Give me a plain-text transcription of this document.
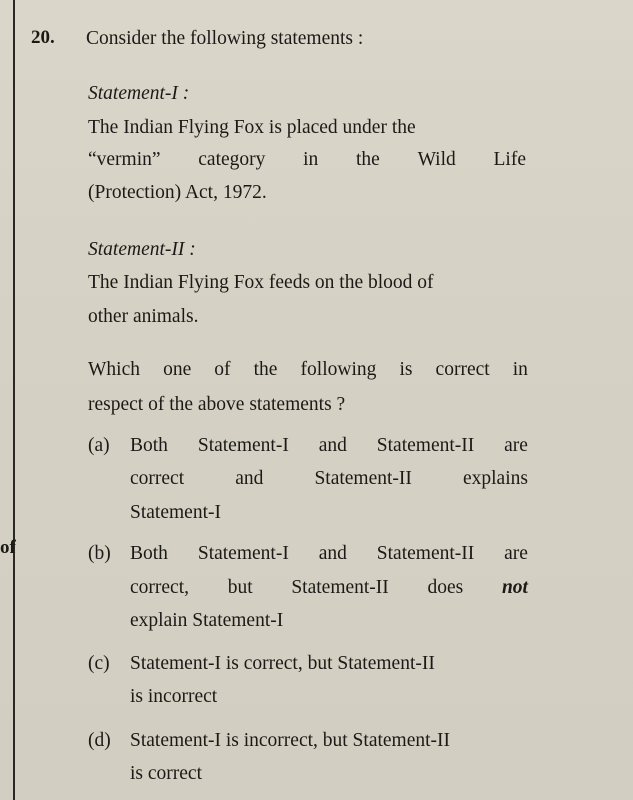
of
20. Consider the following statements :
Statement-I :
The Indian Flying Fox is placed under the
“vermin” category in the Wild Life
(Protection) Act, 1972.
Statement-II :
The Indian Flying Fox feeds on the blood of
other animals.
Which one of the following is correct in
respect of the above statements ?
(a) Both Statement-I and Statement-II are
correct	and	Statement-II	explains
Statement-I
(b) Both Statement-I and Statement-II are
correct, but Statement-II does not
explain Statement-I
(c) Statement-I is correct, but Statement-II
is incorrect
(d) Statement-I is incorrect, but Statement-II
is correct
